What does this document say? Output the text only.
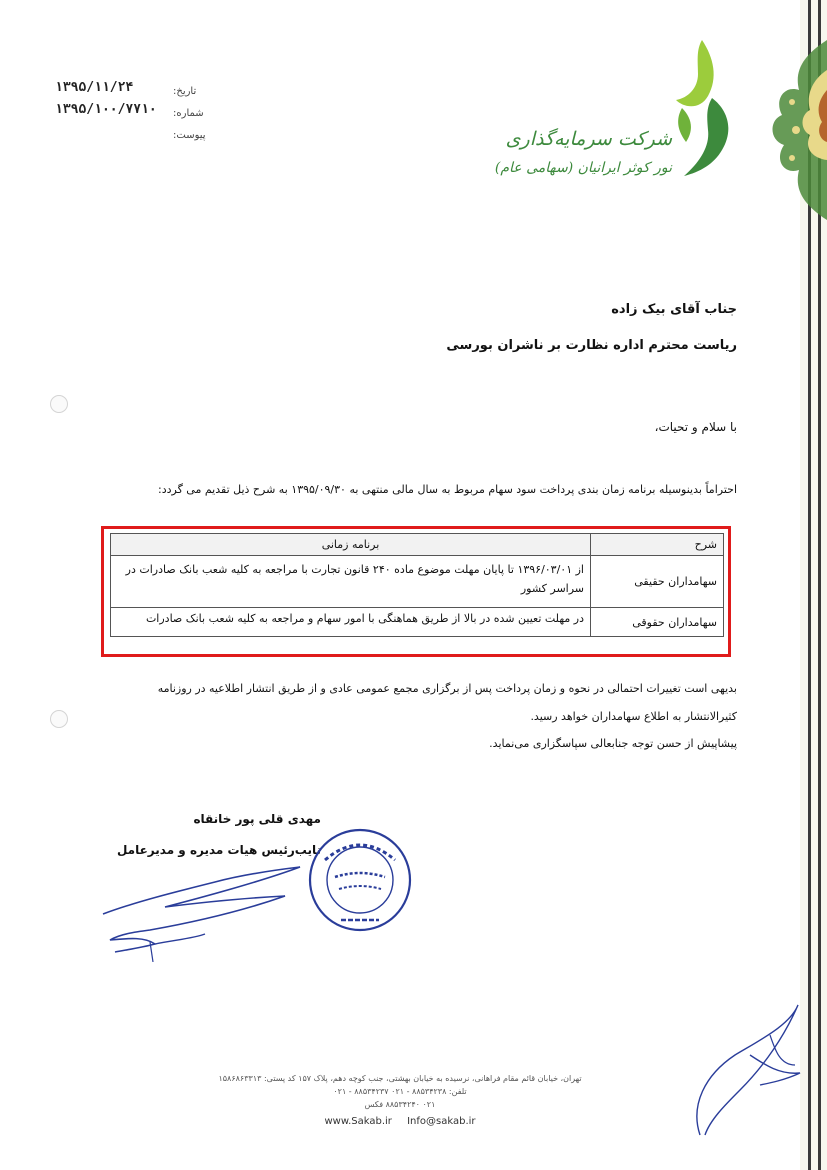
شرکت سرمایه‌گذاری
نور کوثر ایرانیان (سهامی عام)
۱۳۹۵/۱۱/۲۴	تاریخ:
۱۳۹۵/۱۰۰/۷۷۱۰ شماره:
پیوست:
جناب آقای بیک زاده
ریاست محترم اداره نظارت بر ناشران بورسی
با سلام و تحیات،
احتراماً بدینوسیله برنامه زمان بندی پرداخت سود سهام مربوط به سال مالی منتهی به ۱۳۹۵/۰۹/۳۰ به شرح ذیل تقدیم می گردد:
شرح	برنامه زمانی
سهامداران حقیقی	از ۱۳۹۶/۰۳/۰۱ تا پایان مهلت موضوع ماده ۲۴۰ قانون تجارت با مراجعه به کلیه شعب بانک صادرات در سراسر کشور
سهامداران حقوقی	در مهلت تعیین شده در بالا از طریق هماهنگی با امور سهام و مراجعه به کلیه شعب بانک صادرات
بدیهی است تغییرات احتمالی در نحوه و زمان پرداخت پس از برگزاری مجمع عمومی عادی و از طریق انتشار اطلاعیه در روزنامه
کثیرالانتشار به اطلاع سهامداران خواهد رسید.
پیشاپیش از حسن توجه جنابعالی سپاسگزاری می‌نماید.
مهدی قلی پور خانقاه
نایب‌رئیس هیات مدیره و مدیرعامل
تهران، خیابان قائم مقام فراهانی، نرسیده به خیابان بهشتی، جنب کوچه دهم، پلاک ۱۵۷ کد پستی: ۱۵۸۶۸۶۳۳۱۳
تلفن: ۸۸۵۳۴۲۳۸ - ۰۲۱ ۸۸۵۳۴۲۳۷ - ۰۲۱
۰۲۱ ۸۸۵۳۴۲۴۰ فکس
www.Sakab.ir Info@sakab.ir
